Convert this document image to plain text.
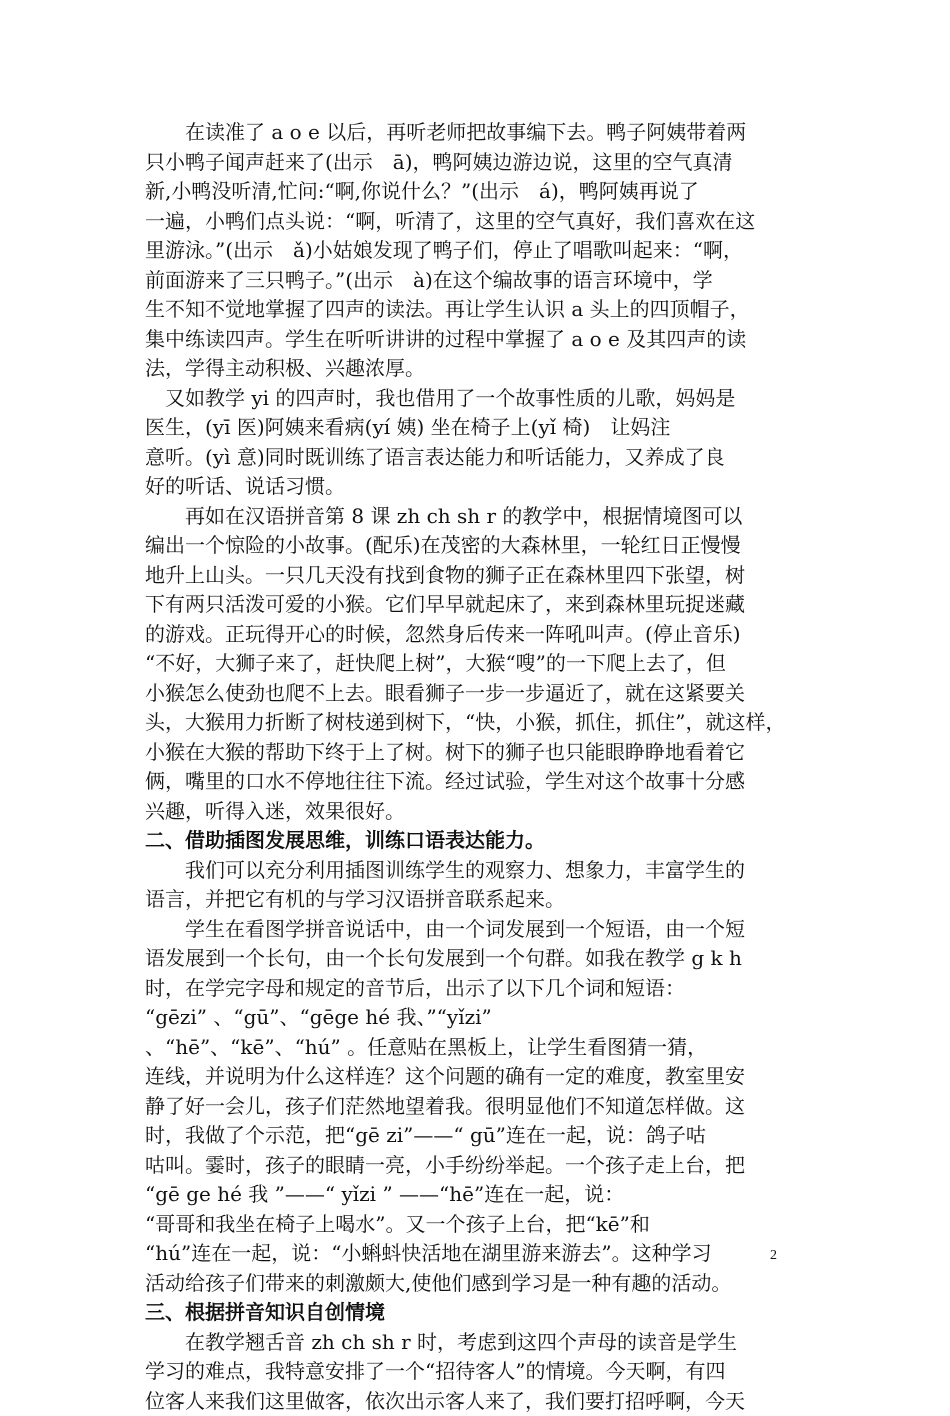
　　在读准了 a o e 以后，再听老师把故事编下去。鸭子阿姨带着两
只小鸭子闻声赶来了(出示　ā)，鸭阿姨边游边说，这里的空气真清
新,小鸭没听清,忙问:“啊,你说什么？”(出示　á)，鸭阿姨再说了
一遍，小鸭们点头说：“啊，听清了，这里的空气真好，我们喜欢在这
里游泳。”(出示　ǎ)小姑娘发现了鸭子们，停止了唱歌叫起来：“啊，
前面游来了三只鸭子。”(出示　à)在这个编故事的语言环境中，学
生不知不觉地掌握了四声的读法。再让学生认识 a 头上的四顶帽子，
集中练读四声。学生在听听讲讲的过程中掌握了 a o e 及其四声的读
法，学得主动积极、兴趣浓厚。
　又如教学 yi 的四声时，我也借用了一个故事性质的儿歌，妈妈是
医生，(yī 医)阿姨来看病(yí 姨) 坐在椅子上(yǐ 椅)　让妈注
意听。(yì 意)同时既训练了语言表达能力和听话能力，又养成了良
好的听话、说话习惯。
　　再如在汉语拼音第 8 课 zh ch sh r 的教学中，根据情境图可以
编出一个惊险的小故事。(配乐)在茂密的大森林里，一轮红日正慢慢
地升上山头。一只几天没有找到食物的狮子正在森林里四下张望，树
下有两只活泼可爱的小猴。它们早早就起床了，来到森林里玩捉迷藏
的游戏。正玩得开心的时候，忽然身后传来一阵吼叫声。(停止音乐)
“不好，大狮子来了，赶快爬上树”，大猴“嗖”的一下爬上去了，但
小猴怎么使劲也爬不上去。眼看狮子一步一步逼近了，就在这紧要关
头，大猴用力折断了树枝递到树下，“快，小猴，抓住，抓住”，就这样，
小猴在大猴的帮助下终于上了树。树下的狮子也只能眼睁睁地看着它
俩，嘴里的口水不停地往往下流。经过试验，学生对这个故事十分感
兴趣，听得入迷，效果很好。
二、借助插图发展思维，训练口语表达能力。
　　我们可以充分利用插图训练学生的观察力、想象力，丰富学生的
语言，并把它有机的与学习汉语拼音联系起来。
　　学生在看图学拼音说话中，由一个词发展到一个短语，由一个短
语发展到一个长句，由一个长句发展到一个句群。如我在教学 g k h
时，在学完字母和规定的音节后，出示了以下几个词和短语：
“gēzi” 、“gū”、“gēge hé 我、”“yǐzi”
、“hē”、“kē”、“hú” 。任意贴在黑板上，让学生看图猜一猜，
连线，并说明为什么这样连？这个问题的确有一定的难度，教室里安
静了好一会儿，孩子们茫然地望着我。很明显他们不知道怎样做。这
时，我做了个示范，把“gē zi”——“ gū”连在一起，说：鸽子咕
咕叫。霎时，孩子的眼睛一亮，小手纷纷举起。一个孩子走上台，把
“gē ge hé 我 ”——“ yǐzi ” ——“hē”连在一起，说：
“哥哥和我坐在椅子上喝水”。又一个孩子上台，把“kē”和
“hú”连在一起，说：“小蝌蚪快活地在湖里游来游去”。这种学习
活动给孩子们带来的刺激颇大,使他们感到学习是一种有趣的活动。
三、根据拼音知识自创情境
　　在教学翘舌音 zh ch sh r 时，考虑到这四个声母的读音是学生
学习的难点，我特意安排了一个“招待客人”的情境。今天啊，有四
位客人来我们这里做客，依次出示客人来了，我们要打招呼啊，今天
2
